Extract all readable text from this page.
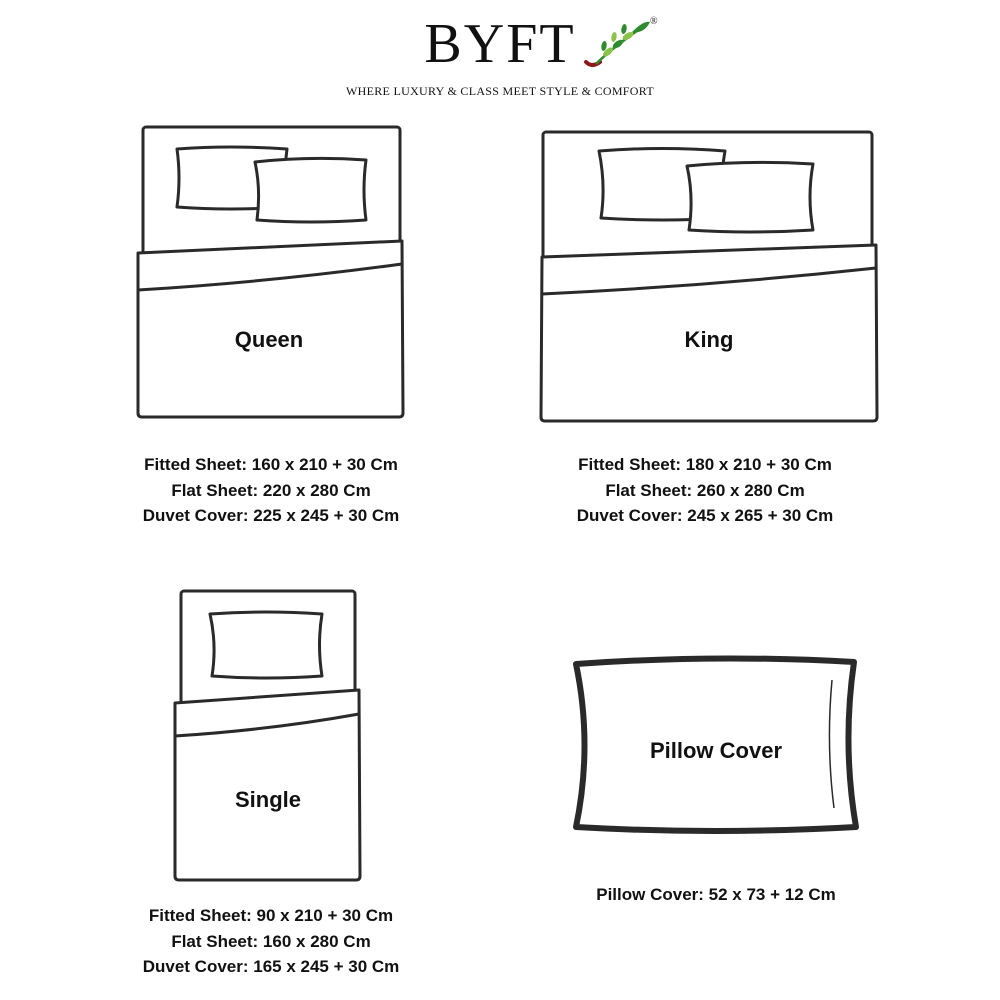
BYFT	®
WHERE LUXURY & CLASS MEET STYLE & COMFORT
Queen	King
Single
Pillow Cover
Fitted Sheet: 160 x 210 + 30 Cm
Flat Sheet: 220 x 280 Cm
Duvet Cover: 225 x 245 + 30 Cm
Fitted Sheet: 180 x 210 + 30 Cm
Flat Sheet: 260 x 280 Cm
Duvet Cover: 245 x 265 + 30 Cm
Fitted Sheet: 90 x 210 + 30 Cm
Flat Sheet: 160 x 280 Cm
Duvet Cover: 165 x 245 + 30 Cm
Pillow Cover: 52 x 73 + 12 Cm
